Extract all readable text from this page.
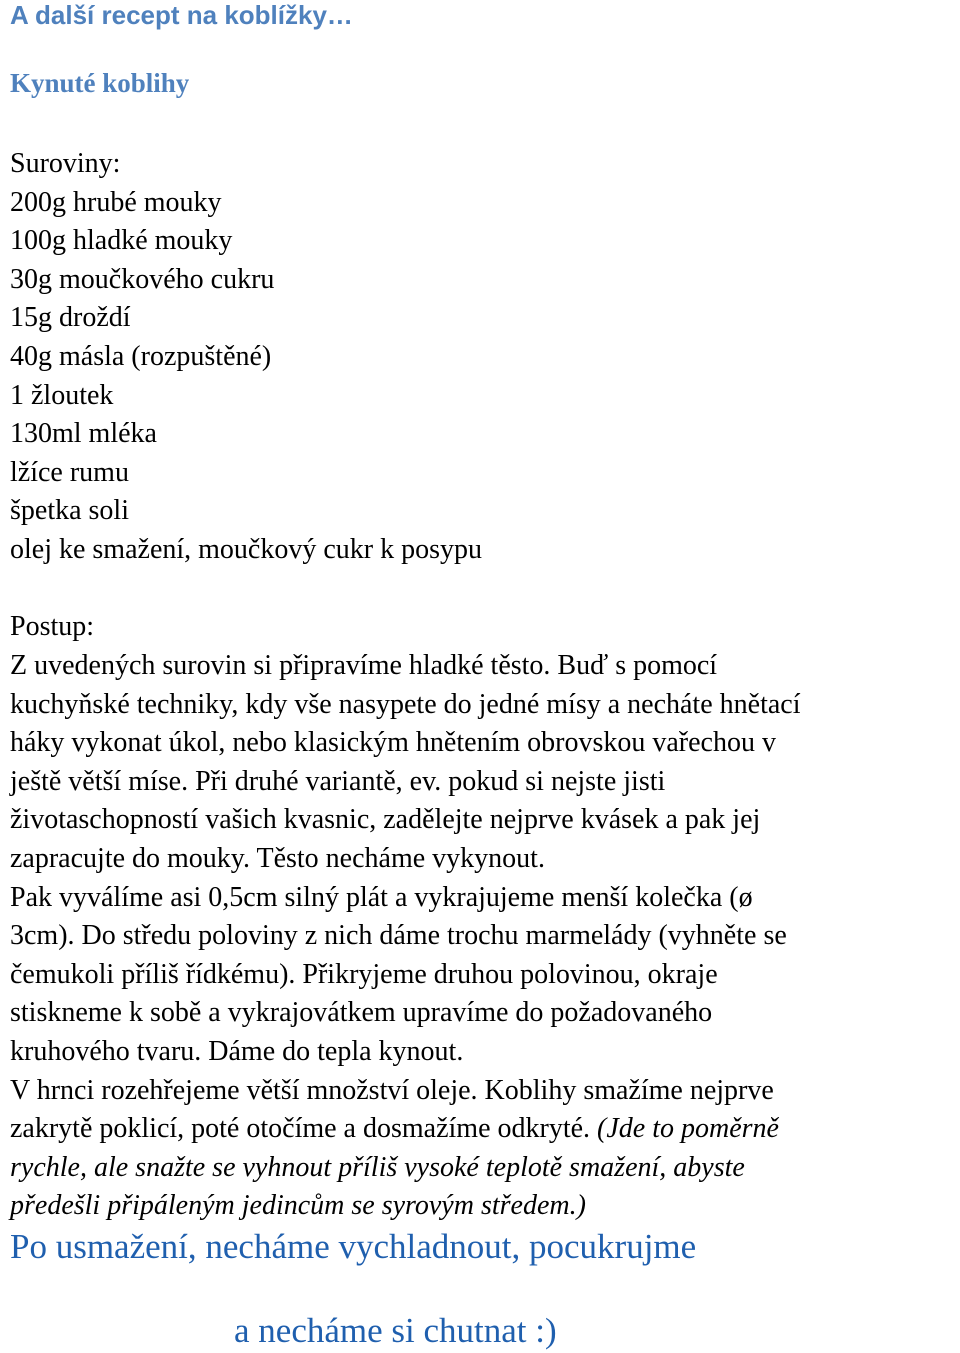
A další recept na koblížky…
Kynuté koblihy

Suroviny:

200g hrubé mouky
100g hladké mouky
30g moučkového cukru
15g droždí
40g másla (rozpuštěné)
1 žloutek
130ml mléka
lžíce rumu
špetka soli
olej ke smažení, moučkový cukr k posypu

Postup:

Z uvedených surovin si připravíme hladké těsto. Buď s pomocí
kuchyňské techniky, kdy vše nasypete do jedné mísy a necháte hnětací
háky vykonat úkol, nebo klasickým hnětením obrovskou vařechou v
ještě větší míse. Při druhé variantě, ev. pokud si nejste jisti
životaschopností vašich kvasnic, zadělejte nejprve kvásek a pak jej
zapracujte do mouky. Těsto necháme vykynout.
Pak vyválíme asi 0,5cm silný plát a vykrajujeme menší kolečka (ø
3cm). Do středu poloviny z nich dáme trochu marmelády (vyhněte se
čemukoli příliš řídkému). Přikryjeme druhou polovinou, okraje
stiskneme k sobě a vykrajovátkem upravíme do požadovaného
kruhového tvaru. Dáme do tepla kynout.
V hrnci rozehřejeme větší množství oleje. Koblihy smažíme nejprve
zakrytě poklicí, poté otočíme a dosmažíme odkryté. (Jde to poměrně
rychle, ale snažte se vyhnout příliš vysoké teplotě smažení, abyste
předešli připáleným jedincům se syrovým středem.)

Po usmažení, necháme vychladnout, pocukrujme

a necháme si chutnat :)
